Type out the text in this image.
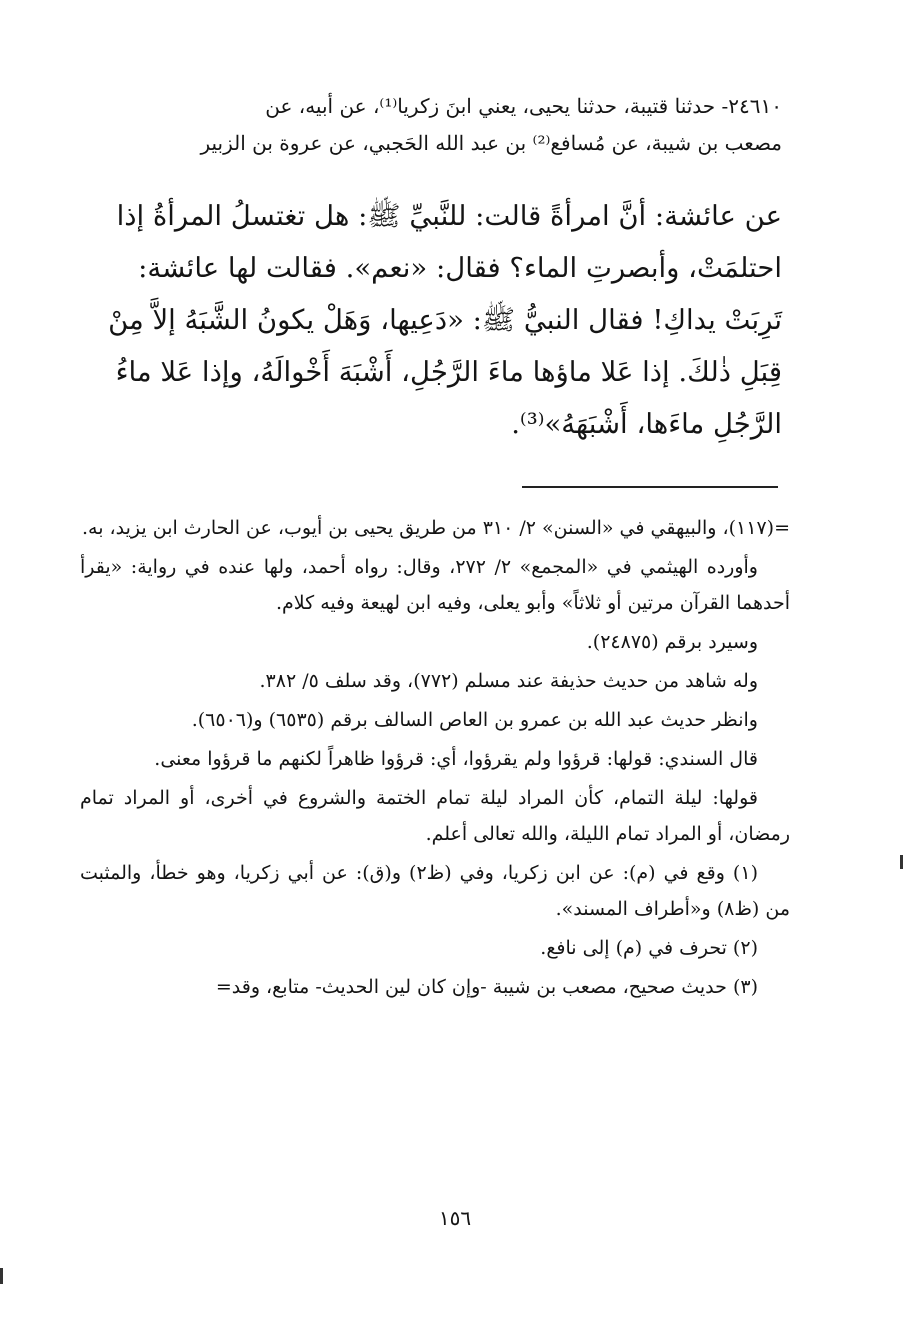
٢٤٦١٠- حدثنا قتيبة، حدثنا يحيى، يعني ابنَ زكريا⁽¹⁾، عن أبيه، عن
مصعب بن شيبة، عن مُسافع⁽²⁾ بن عبد الله الحَجبي، عن عروة بن الزبير
عن عائشة: أنَّ امرأةً قالت: للنَّبيِّ ﷺ: هل تغتسلُ المرأةُ إذا
احتلمَتْ، وأبصرتِ الماء؟ فقال: «نعم». فقالت لها عائشة:
تَرِبَتْ يداكِ! فقال النبيُّ ﷺ: «دَعِيها، وَهَلْ يكونُ الشَّبَهُ إلاَّ مِنْ
قِبَلِ ذٰلكَ. إذا عَلا ماؤها ماءَ الرَّجُلِ، أَشْبَهَ أَخْوالَهُ، وإذا عَلا ماءُ
الرَّجُلِ ماءَها، أَشْبَهَهُ»⁽³⁾.

=(١١٧)، والبيهقي في «السنن» ٢/ ٣١٠ من طريق يحيى بن أيوب، عن الحارث ابن يزيد، به.

وأورده الهيثمي في «المجمع» ٢/ ٢٧٢، وقال: رواه أحمد، ولها عنده في رواية: «يقرأ أحدهما القرآن مرتين أو ثلاثاً» وأبو يعلى، وفيه ابن لهيعة وفيه كلام.

وسيرد برقم (٢٤٨٧٥).

وله شاهد من حديث حذيفة عند مسلم (٧٧٢)، وقد سلف ٥/ ٣٨٢.

وانظر حديث عبد الله بن عمرو بن العاص السالف برقم (٦٥٣٥) و(٦٥٠٦).

قال السندي: قولها: قرؤوا ولم يقرؤوا، أي: قرؤوا ظاهراً لكنهم ما قرؤوا معنى.

قولها: ليلة التمام، كأن المراد ليلة تمام الختمة والشروع في أخرى، أو المراد تمام رمضان، أو المراد تمام الليلة، والله تعالى أعلم.

(١) وقع في (م): عن ابن زكريا، وفي (ظ٢) و(ق): عن أبي زكريا، وهو خطأ، والمثبت من (ظ٨) و«أطراف المسند».

(٢) تحرف في (م) إلى نافع.

(٣) حديث صحيح، مصعب بن شيبة -وإن كان لين الحديث- متابع، وقد=

١٥٦
